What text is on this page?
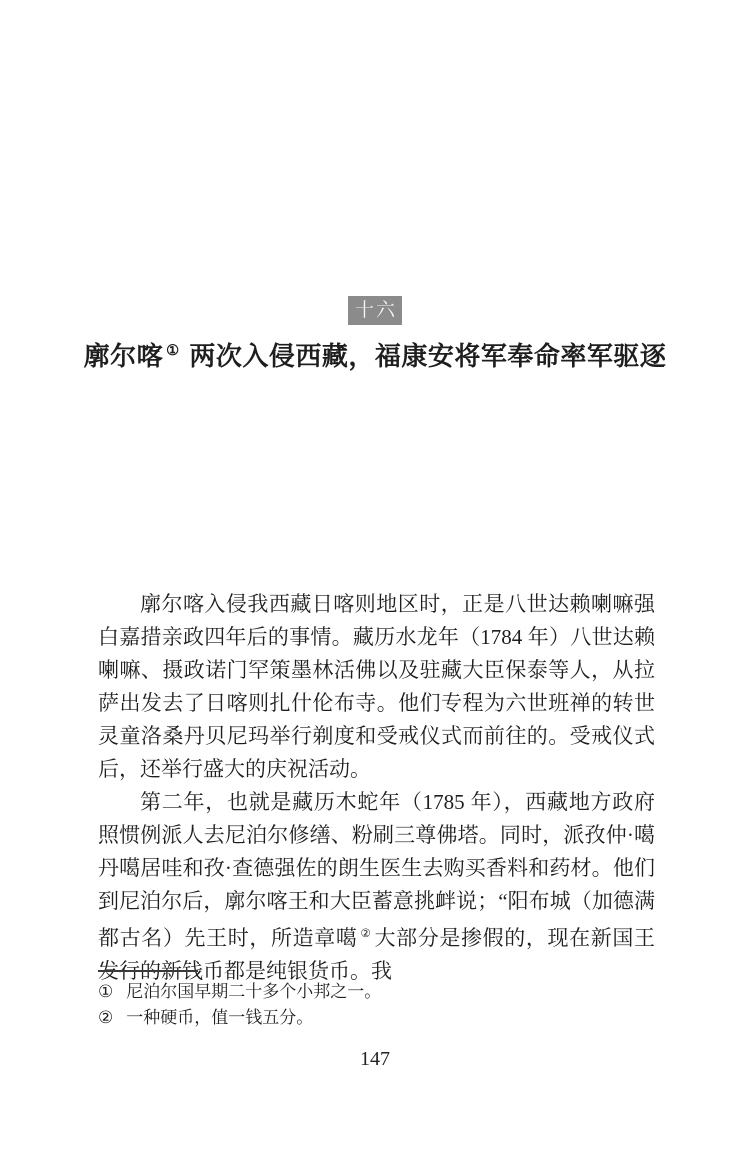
十六
廓尔喀 ① 两次入侵西藏，福康安将军奉命率军驱逐

廓尔喀入侵我西藏日喀则地区时，正是八世达赖喇嘛强白嘉措亲政四年后的事情。藏历水龙年（1784 年）八世达赖喇嘛、摄政诺门罕策墨林活佛以及驻藏大臣保泰等人，从拉萨出发去了日喀则扎什伦布寺。他们专程为六世班禅的转世灵童洛桑丹贝尼玛举行剃度和受戒仪式而前往的。受戒仪式后，还举行盛大的庆祝活动。

第二年，也就是藏历木蛇年（1785 年），西藏地方政府照惯例派人去尼泊尔修缮、粉刷三尊佛塔。同时，派孜仲·噶丹噶居哇和孜·查德强佐的朗生医生去购买香料和药材。他们到尼泊尔后，廓尔喀王和大臣蓄意挑衅说；“阳布城（加德满都古名）先王时，所造章噶 ② 大部分是掺假的，现在新国王发行的新钱币都是纯银货币。我

① 尼泊尔国早期二十多个小邦之一。

② 一种硬币，值一钱五分。

147
